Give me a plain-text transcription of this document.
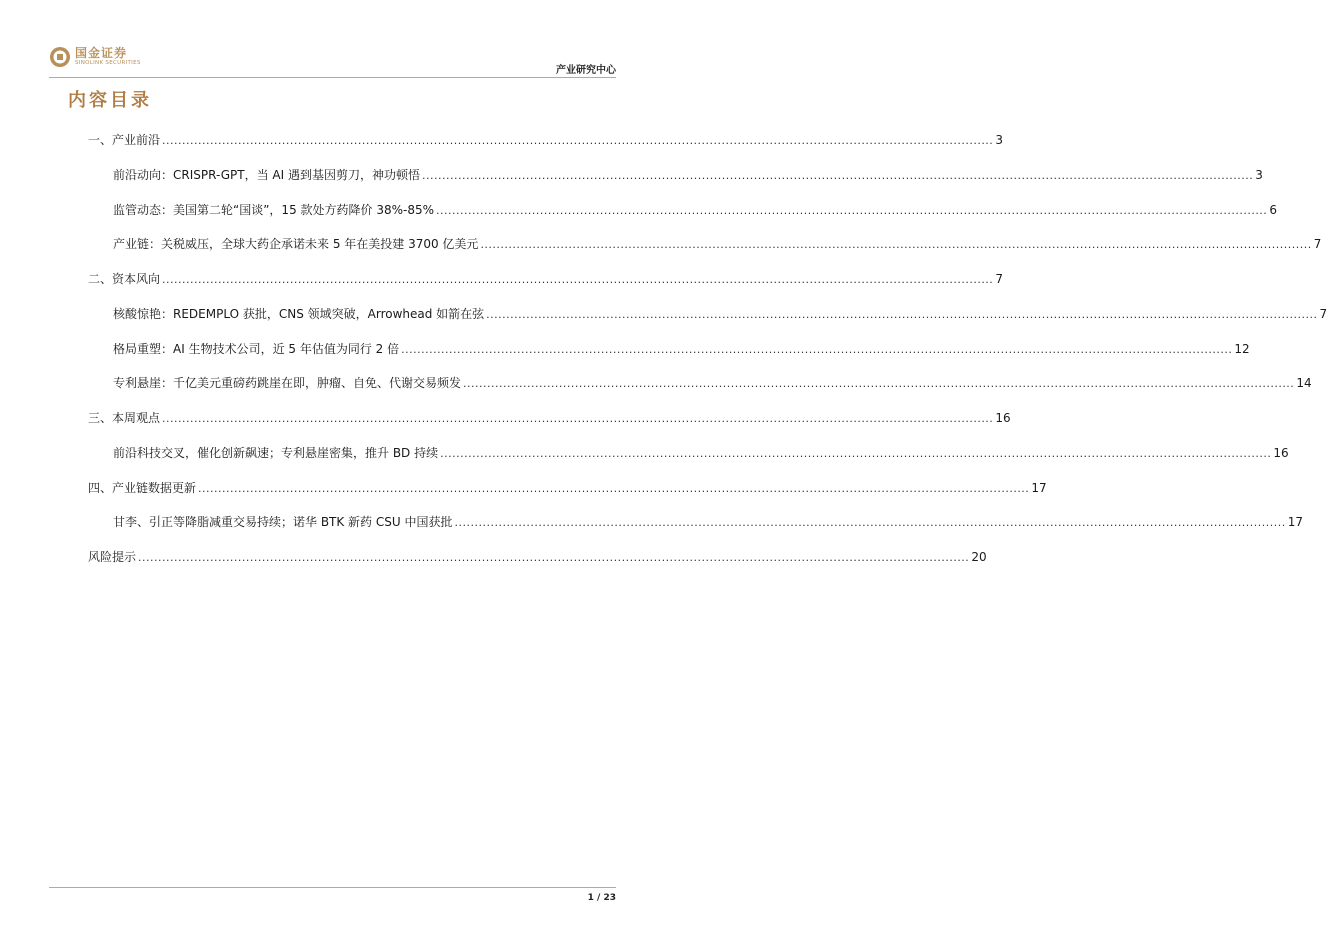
国金证券
SINOLINK SECURITIES
产业研究中心
内容目录
一、产业前沿 ................................................................................................................................................................................................................ 3
前沿动向：CRISPR-GPT，当 AI 遇到基因剪刀，神功顿悟 ................................................................................................................................................................................................................ 3
监管动态：美国第二轮“国谈”，15 款处方药降价 38%-85% ................................................................................................................................................................................................................ 6
产业链：关税威压，全球大药企承诺未来 5 年在美投建 3700 亿美元 ................................................................................................................................................................................................................ 7
二、资本风向 ................................................................................................................................................................................................................ 7
核酸惊艳：REDEMPLO 获批，CNS 领域突破，Arrowhead 如箭在弦 ................................................................................................................................................................................................................ 7
格局重塑：AI 生物技术公司，近 5 年估值为同行 2 倍 ................................................................................................................................................................................................................ 12
专利悬崖：千亿美元重磅药跳崖在即，肿瘤、自免、代谢交易频发 ................................................................................................................................................................................................................ 14
三、本周观点 ................................................................................................................................................................................................................ 16
前沿科技交叉，催化创新飙速；专利悬崖密集，推升 BD 持续 ................................................................................................................................................................................................................ 16
四、产业链数据更新 ................................................................................................................................................................................................................ 17
甘李、引正等降脂减重交易持续；诺华 BTK 新药 CSU 中国获批 ................................................................................................................................................................................................................ 17
风险提示 ................................................................................................................................................................................................................ 20
1 / 23
